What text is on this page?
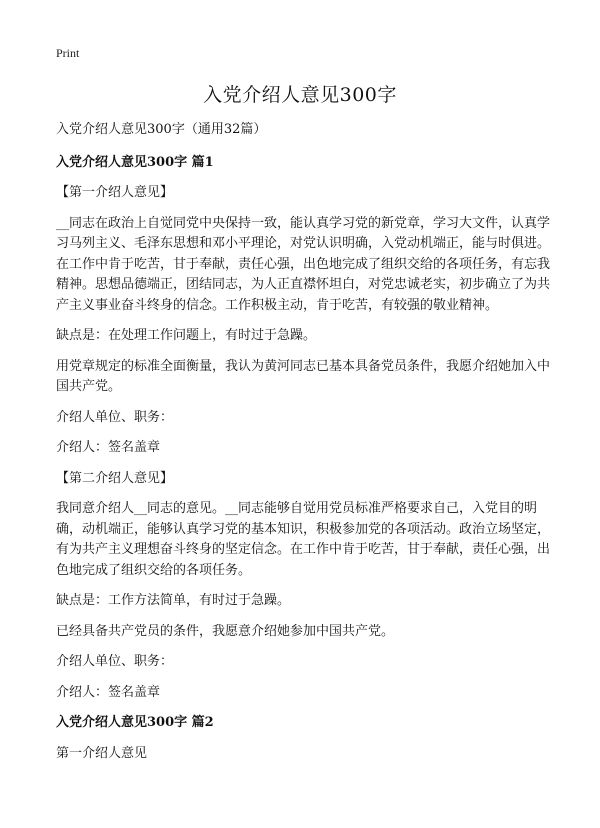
Print
入党介绍人意见300字

入党介绍人意见300字（通用32篇）

入党介绍人意见300字 篇1

【第一介绍人意见】

__同志在政治上自觉同党中央保持一致，能认真学习党的新党章，学习大文件，认真学习马列主义、毛泽东思想和邓小平理论，对党认识明确，入党动机端正，能与时俱进。在工作中肯于吃苦，甘于奉献，责任心强，出色地完成了组织交给的各项任务，有忘我精神。思想品德端正，团结同志，为人正直襟怀坦白，对党忠诚老实，初步确立了为共产主义事业奋斗终身的信念。工作积极主动，肯于吃苦，有较强的敬业精神。

缺点是：在处理工作问题上，有时过于急躁。

用党章规定的标准全面衡量，我认为黄河同志已基本具备党员条件，我愿介绍她加入中国共产党。

介绍人单位、职务：

介绍人：签名盖章

【第二介绍人意见】

我同意介绍人__同志的意见。__同志能够自觉用党员标准严格要求自己，入党目的明确，动机端正，能够认真学习党的基本知识，积极参加党的各项活动。政治立场坚定，有为共产主义理想奋斗终身的坚定信念。在工作中肯于吃苦，甘于奉献，责任心强，出色地完成了组织交给的各项任务。

缺点是：工作方法简单，有时过于急躁。

已经具备共产党员的条件，我愿意介绍她参加中国共产党。

介绍人单位、职务：

介绍人：签名盖章

入党介绍人意见300字 篇2

第一介绍人意见
